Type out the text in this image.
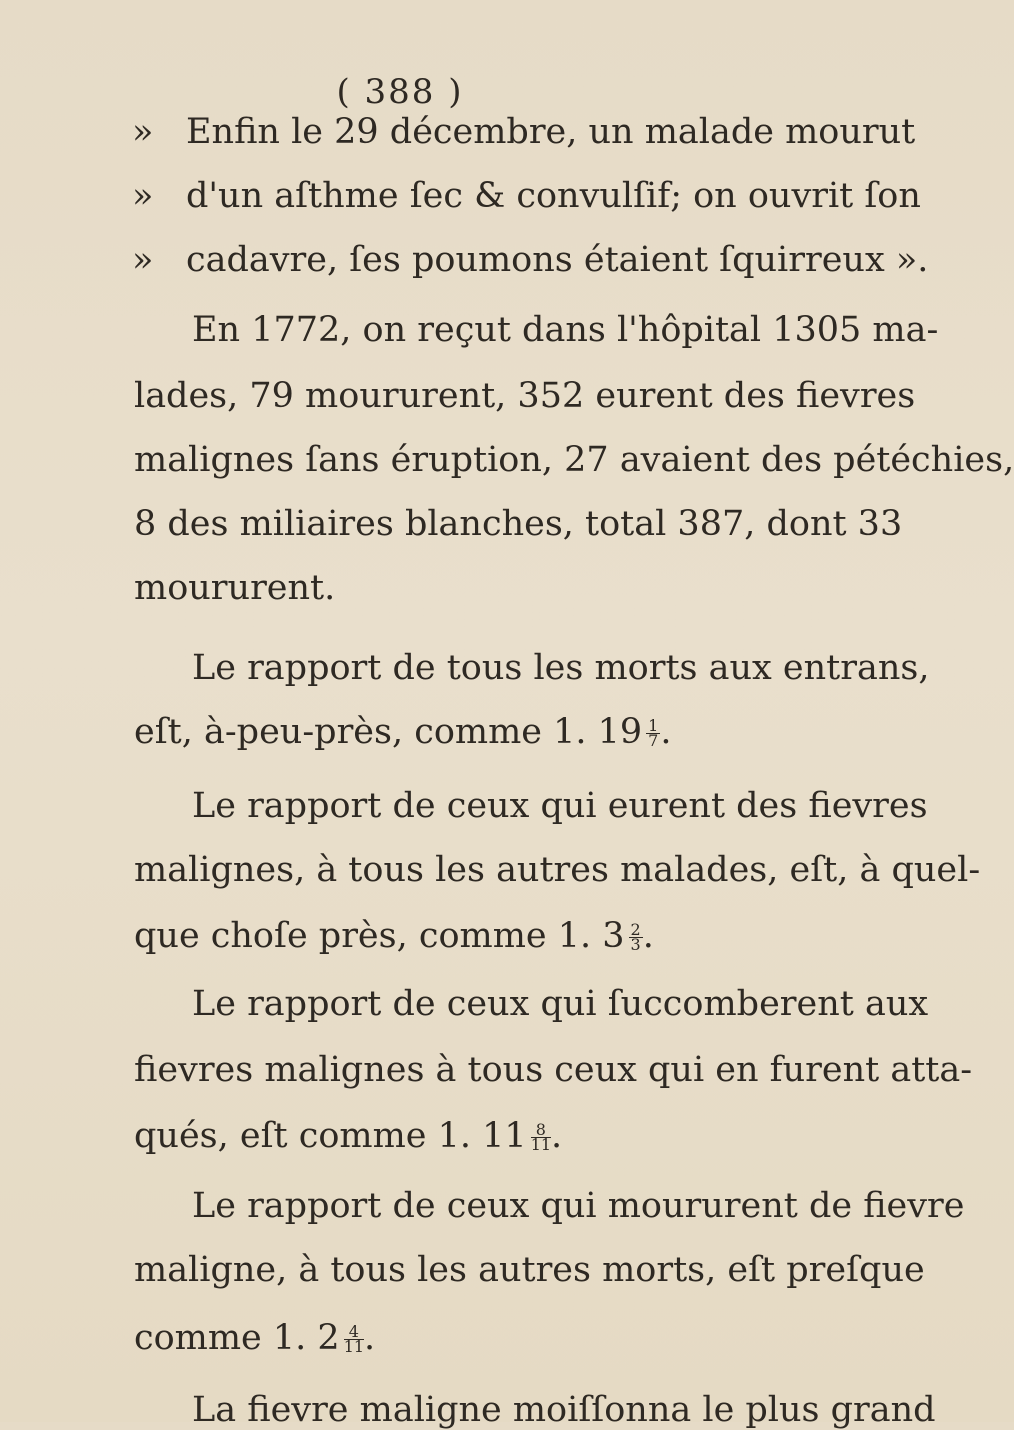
( 388 )
» Enfin le 29 décembre, un malade mourut
» d'un aſthme ſec & convulſif; on ouvrit ſon
» cadavre, ſes poumons étaient ſquirreux ».
En 1772, on reçut dans l'hôpital 1305 ma-
lades, 79 moururent, 352 eurent des fievres
malignes ſans éruption, 27 avaient des pétéchies,
8 des miliaires blanches, total 387, dont 33
moururent.
Le rapport de tous les morts aux entrans,
eſt, à-peu-près, comme 1. $19 \frac{1}{7}$ .
Le rapport de ceux qui eurent des fievres
malignes, à tous les autres malades, eſt, à quel-
que choſe près, comme 1. $3 \frac{2}{3}$ .
Le rapport de ceux qui ſuccomberent aux
fievres malignes à tous ceux qui en furent atta-
qués, eſt comme 1. $11 \frac{8}{11}$ .
Le rapport de ceux qui moururent de fievre
maligne, à tous les autres morts, eſt preſque
comme 1. $2 \frac{4}{11}$ .
La fievre maligne moiſſonna le plus grand
